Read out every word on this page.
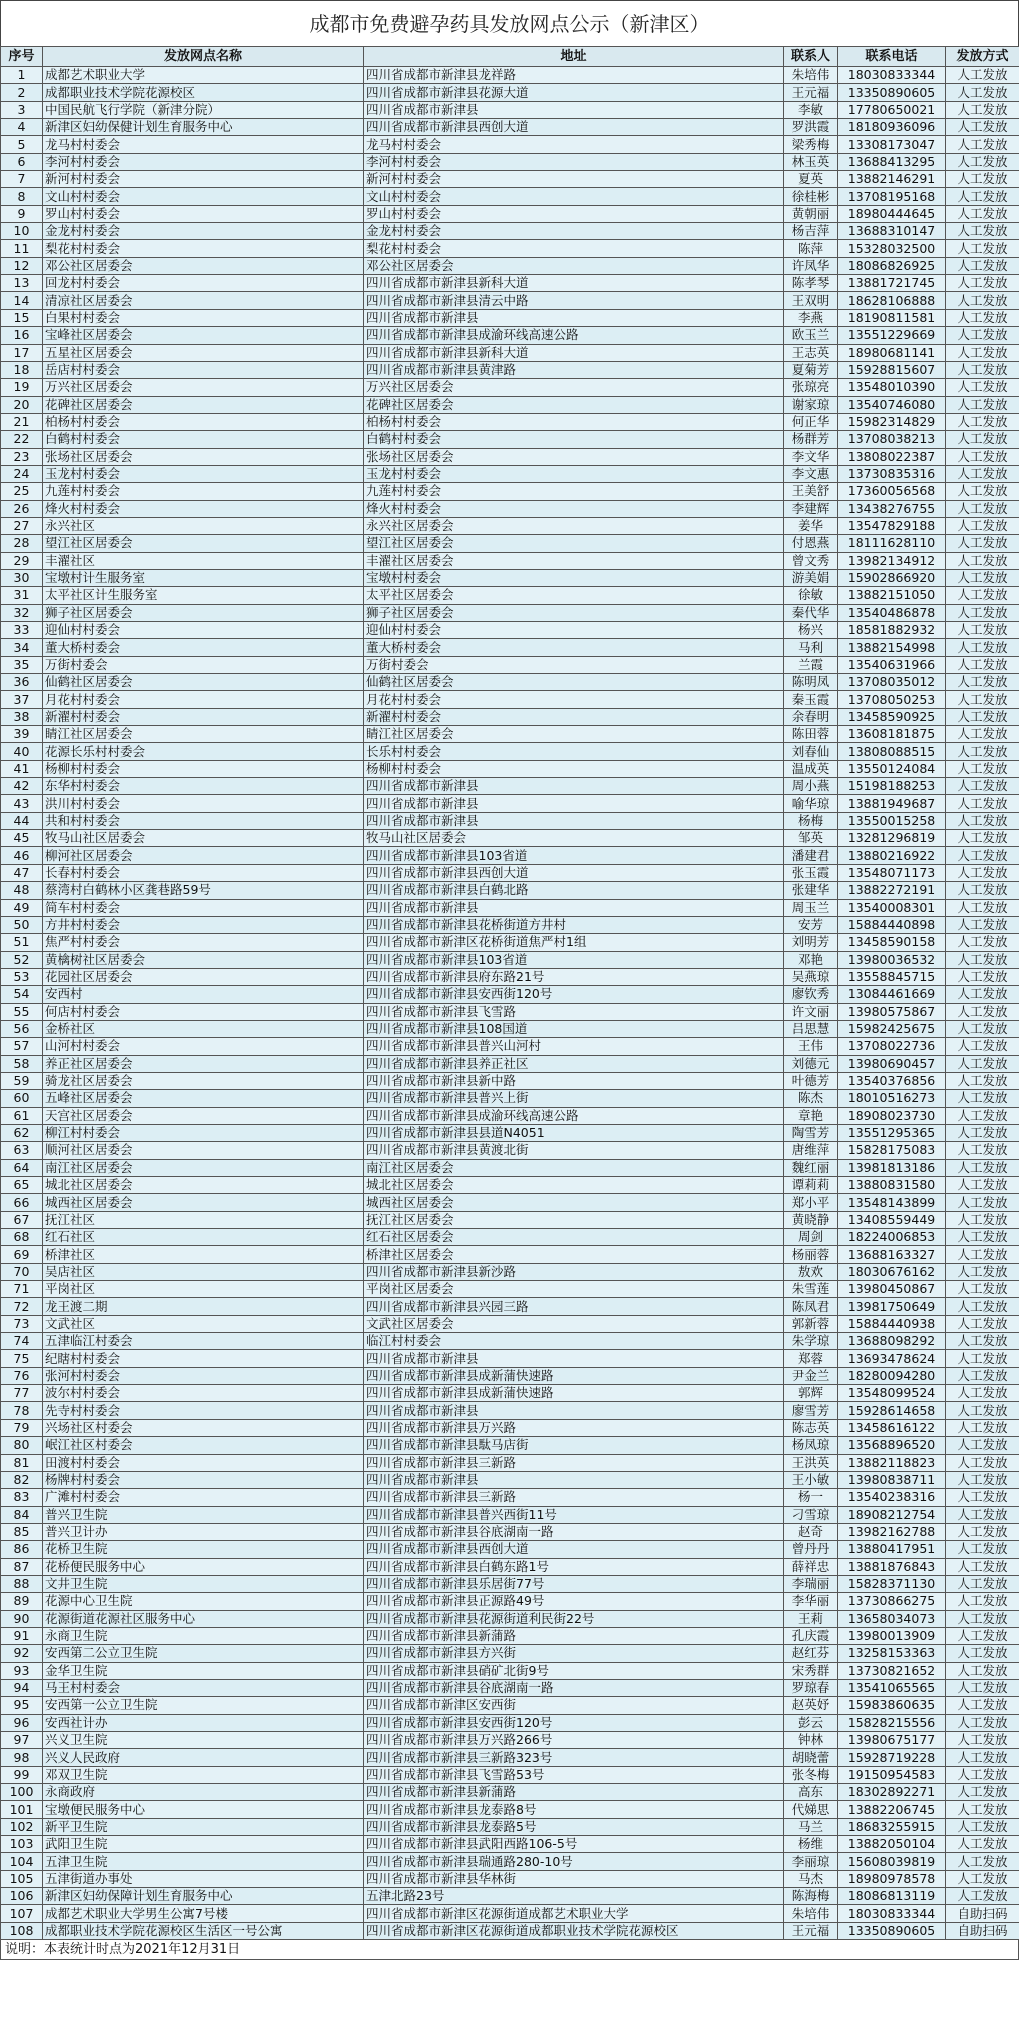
成都市免费避孕药具发放网点公示（新津区）
序号	发放网点名称	地址	联系人	联系电话	发放方式
1	成都艺术职业大学	四川省成都市新津县龙祥路	朱培伟	18030833344	人工发放
2	成都职业技术学院花源校区	四川省成都市新津县花源大道	王元福	13350890605	人工发放
3	中国民航飞行学院（新津分院）	四川省成都市新津县	李敏	17780650021	人工发放
4	新津区妇幼保健计划生育服务中心	四川省成都市新津县西创大道	罗洪霞	18180936096	人工发放
5	龙马村村委会	龙马村村委会	梁秀梅	13308173047	人工发放
6	李河村村委会	李河村村委会	林玉英	13688413295	人工发放
7	新河村村委会	新河村村委会	夏英	13882146291	人工发放
8	文山村村委会	文山村村委会	徐桂彬	13708195168	人工发放
9	罗山村村委会	罗山村村委会	黄朝丽	18980444645	人工发放
10	金龙村村委会	金龙村村委会	杨吉萍	13688310147	人工发放
11	梨花村村委会	梨花村村委会	陈萍	15328032500	人工发放
12	邓公社区居委会	邓公社区居委会	许凤华	18086826925	人工发放
13	回龙村村委会	四川省成都市新津县新科大道	陈孝琴	13881721745	人工发放
14	清凉社区居委会	四川省成都市新津县清云中路	王双明	18628106888	人工发放
15	白果村村委会	四川省成都市新津县	李燕	18190811581	人工发放
16	宝峰社区居委会	四川省成都市新津县成渝环线高速公路	欧玉兰	13551229669	人工发放
17	五星社区居委会	四川省成都市新津县新科大道	王志英	18980681141	人工发放
18	岳店村村委会	四川省成都市新津县黄津路	夏菊芳	15928815607	人工发放
19	万兴社区居委会	万兴社区居委会	张琼亮	13548010390	人工发放
20	花碑社区居委会	花碑社区居委会	谢家琼	13540746080	人工发放
21	柏杨村村委会	柏杨村村委会	何正华	15982314829	人工发放
22	白鹤村村委会	白鹤村村委会	杨群芳	13708038213	人工发放
23	张场社区居委会	张场社区居委会	李文华	13808022387	人工发放
24	玉龙村村委会	玉龙村村委会	李文惠	13730835316	人工发放
25	九莲村村委会	九莲村村委会	王美舒	17360056568	人工发放
26	烽火村村委会	烽火村村委会	李建辉	13438276755	人工发放
27	永兴社区	永兴社区居委会	姜华	13547829188	人工发放
28	望江社区居委会	望江社区居委会	付恩燕	18111628110	人工发放
29	丰濯社区	丰濯社区居委会	曾文秀	13982134912	人工发放
30	宝墩村计生服务室	宝墩村村委会	游美娟	15902866920	人工发放
31	太平社区计生服务室	太平社区居委会	徐敏	13882151050	人工发放
32	狮子社区居委会	狮子社区居委会	秦代华	13540486878	人工发放
33	迎仙村村委会	迎仙村村委会	杨兴	18581882932	人工发放
34	董大桥村委会	董大桥村委会	马利	13882154998	人工发放
35	万街村委会	万街村委会	兰霞	13540631966	人工发放
36	仙鹤社区居委会	仙鹤社区居委会	陈明凤	13708035012	人工发放
37	月花村村委会	月花村村委会	秦玉霞	13708050253	人工发放
38	新濯村村委会	新濯村村委会	余春明	13458590925	人工发放
39	睛江社区居委会	睛江社区居委会	陈田蓉	13608181875	人工发放
40	花源长乐村村委会	长乐村村委会	刘春仙	13808088515	人工发放
41	杨柳村村委会	杨柳村村委会	温成英	13550124084	人工发放
42	东华村村委会	四川省成都市新津县	周小燕	15198188253	人工发放
43	洪川村村委会	四川省成都市新津县	喻华琼	13881949687	人工发放
44	共和村村委会	四川省成都市新津县	杨梅	13550015258	人工发放
45	牧马山社区居委会	牧马山社区居委会	邹英	13281296819	人工发放
46	柳河社区居委会	四川省成都市新津县103省道	潘建君	13880216922	人工发放
47	长春村村委会	四川省成都市新津县西创大道	张玉霞	13548071173	人工发放
48	蔡湾村白鹤林小区龚巷路59号	四川省成都市新津县白鹤北路	张建华	13882272191	人工发放
49	简车村村委会	四川省成都市新津县	周玉兰	13540008301	人工发放
50	方井村村委会	四川省成都市新津县花桥街道方井村	安芳	15884440898	人工发放
51	焦严村村委会	四川省成都市新津区花桥街道焦严村1组	刘明芳	13458590158	人工发放
52	黄檎树社区居委会	四川省成都市新津县103省道	邓艳	13980036532	人工发放
53	花园社区居委会	四川省成都市新津县府东路21号	吴燕琼	13558845715	人工发放
54	安西村	四川省成都市新津县安西街120号	廖钦秀	13084461669	人工发放
55	何店村村委会	四川省成都市新津县飞雪路	许文丽	13980575867	人工发放
56	金桥社区	四川省成都市新津县108国道	吕思慧	15982425675	人工发放
57	山河村村委会	四川省成都市新津县普兴山河村	王伟	13708022736	人工发放
58	养正社区居委会	四川省成都市新津县养正社区	刘德元	13980690457	人工发放
59	骑龙社区居委会	四川省成都市新津县新中路	叶德芳	13540376856	人工发放
60	五峰社区居委会	四川省成都市新津县普兴上街	陈杰	18010516273	人工发放
61	天宫社区居委会	四川省成都市新津县成渝环线高速公路	章艳	18908023730	人工发放
62	柳江村村委会	四川省成都市新津县县道N4051	陶雪芳	13551295365	人工发放
63	顺河社区居委会	四川省成都市新津县黄渡北街	唐维萍	15828175083	人工发放
64	南江社区居委会	南江社区居委会	魏红丽	13981813186	人工发放
65	城北社区居委会	城北社区居委会	谭莉莉	13880831580	人工发放
66	城西社区居委会	城西社区居委会	郑小平	13548143899	人工发放
67	抚江社区	抚江社区居委会	黄晓静	13408559449	人工发放
68	红石社区	红石社区居委会	周剑	18224006853	人工发放
69	桥津社区	桥津社区居委会	杨丽蓉	13688163327	人工发放
70	吴店社区	四川省成都市新津县新沙路	敖欢	18030676162	人工发放
71	平岗社区	平岗社区居委会	朱雪莲	13980450867	人工发放
72	龙王渡二期	四川省成都市新津县兴园三路	陈凤君	13981750649	人工发放
73	文武社区	文武社区居委会	郭新蓉	15884440938	人工发放
74	五津临江村委会	临江村村委会	朱学琼	13688098292	人工发放
75	纪瞎村村委会	四川省成都市新津县	郑蓉	13693478624	人工发放
76	张河村村委会	四川省成都市新津县成新蒲快速路	尹金兰	18280094280	人工发放
77	波尔村村委会	四川省成都市新津县成新蒲快速路	郭辉	13548099524	人工发放
78	先寺村村委会	四川省成都市新津县	廖雪芳	15928614658	人工发放
79	兴场社区村委会	四川省成都市新津县万兴路	陈志英	13458616122	人工发放
80	岷江社区村委会	四川省成都市新津县駄马店街	杨凤琼	13568896520	人工发放
81	田渡村村委会	四川省成都市新津县三新路	王洪英	13882118823	人工发放
82	杨牌村村委会	四川省成都市新津县	王小敏	13980838711	人工发放
83	广滩村村委会	四川省成都市新津县三新路	杨一	13540238316	人工发放
84	普兴卫生院	四川省成都市新津县普兴西街11号	刁雪琼	18908212754	人工发放
85	普兴卫计办	四川省成都市新津县谷底湖南一路	赵奇	13982162788	人工发放
86	花桥卫生院	四川省成都市新津县西创大道	曾丹丹	13880417951	人工发放
87	花桥便民服务中心	四川省成都市新津县白鹤东路1号	薛祥忠	13881876843	人工发放
88	文井卫生院	四川省成都市新津县乐居街77号	李瑞丽	15828371130	人工发放
89	花源中心卫生院	四川省成都市新津县正源路49号	李华丽	13730866275	人工发放
90	花源街道花源社区服务中心	四川省成都市新津县花源街道利民街22号	王莉	13658034073	人工发放
91	永商卫生院	四川省成都市新津县新蒲路	孔庆霞	13980013909	人工发放
92	安西第二公立卫生院	四川省成都市新津县方兴街	赵红芬	13258153363	人工发放
93	金华卫生院	四川省成都市新津县硝矿北街9号	宋秀群	13730821652	人工发放
94	马王村村委会	四川省成都市新津县谷底湖南一路	罗琼春	13541065565	人工发放
95	安西第一公立卫生院	四川省成都市新津区安西街	赵英妤	15983860635	人工发放
96	安西社计办	四川省成都市新津县安西街120号	彭云	15828215556	人工发放
97	兴义卫生院	四川省成都市新津县万兴路266号	钟林	13980675177	人工发放
98	兴义人民政府	四川省成都市新津县三新路323号	胡晓蕾	15928719228	人工发放
99	邓双卫生院	四川省成都市新津县飞雪路53号	张冬梅	19150954583	人工发放
100	永商政府	四川省成都市新津县新蒲路	高东	18302892271	人工发放
101	宝墩便民服务中心	四川省成都市新津县龙泰路8号	代娣思	13882206745	人工发放
102	新平卫生院	四川省成都市新津县龙泰路5号	马兰	18683255915	人工发放
103	武阳卫生院	四川省成都市新津县武阳西路106-5号	杨维	13882050104	人工发放
104	五津卫生院	四川省成都市新津县瑞通路280-10号	李丽琼	15608039819	人工发放
105	五津街道办事处	四川省成都市新津县华林街	马杰	18980978578	人工发放
106	新津区妇幼保障计划生育服务中心	五津北路23号	陈海梅	18086813119	人工发放
107	成都艺术职业大学男生公寓7号楼	四川省成都市新津区花源街道成都艺术职业大学	朱培伟	18030833344	自助扫码
108	成都职业技术学院花源校区生活区一号公寓	四川省成都市新津区花源街道成都职业技术学院花源校区	王元福	13350890605	自助扫码
说明：本表统计时点为2021年12月31日
